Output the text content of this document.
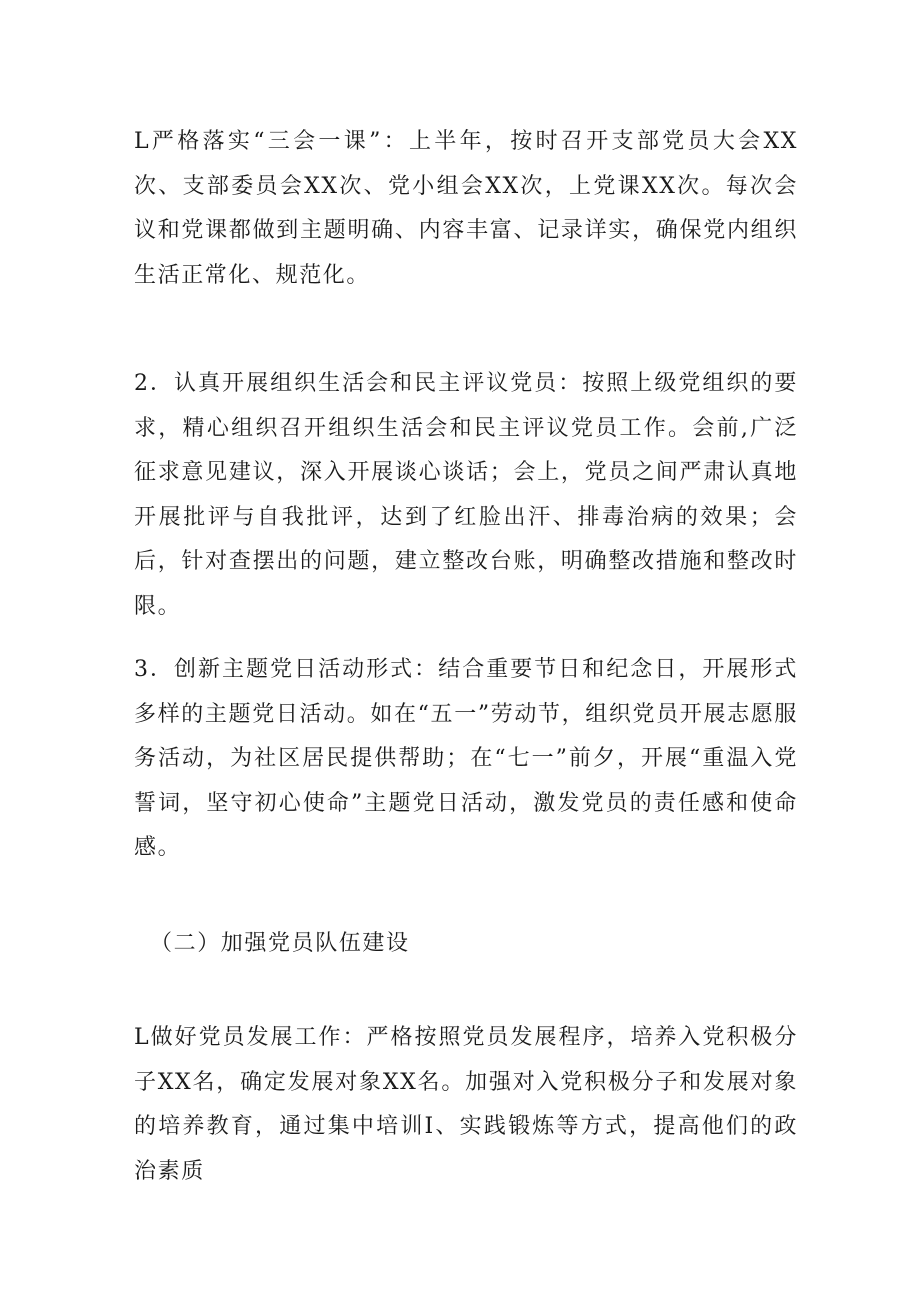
L严格落实“三会一课”：上半年，按时召开支部党员大会XX次、支部委员会XX次、党小组会XX次，上党课XX次。每次会议和党课都做到主题明确、内容丰富、记录详实，确保党内组织生活正常化、规范化。

2．认真开展组织生活会和民主评议党员：按照上级党组织的要求，精心组织召开组织生活会和民主评议党员工作。会前,广泛征求意见建议，深入开展谈心谈话；会上，党员之间严肃认真地开展批评与自我批评，达到了红脸出汗、排毒治病的效果；会后，针对查摆出的问题，建立整改台账，明确整改措施和整改时限。

3．创新主题党日活动形式：结合重要节日和纪念日，开展形式多样的主题党日活动。如在“五一”劳动节，组织党员开展志愿服务活动，为社区居民提供帮助；在“七一”前夕，开展“重温入党誓词，坚守初心使命”主题党日活动，激发党员的责任感和使命感。

（二）加强党员队伍建设

L做好党员发展工作：严格按照党员发展程序，培养入党积极分子XX名，确定发展对象XX名。加强对入党积极分子和发展对象的培养教育，通过集中培训I、实践锻炼等方式，提高他们的政治素质
